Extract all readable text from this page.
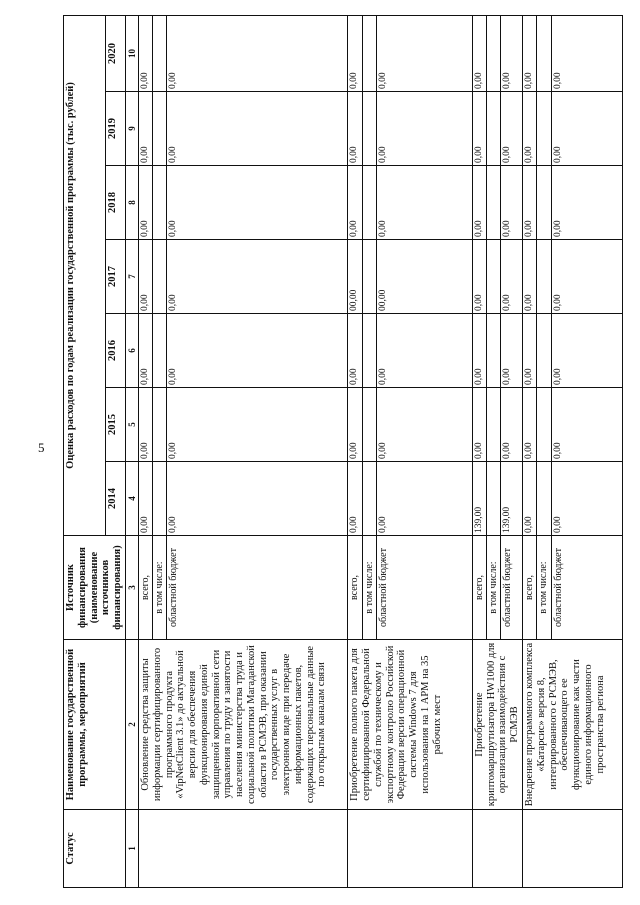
5
Статус	Наименование государственной программы, мероприятий	Источник финансирования (наименование источников финансирования)	Оценка расходов по годам реализации государственной программы (тыс. рублей)						
			2014	2015	2016	2017	2018	2019	2020
1	2	3	4	5	6	7	8	9	10
	Обновление средства защиты информации сертифицированного программного продукта «VipNetClient 3.1» до актуальной версии для обеспечения функционирования единой защищенной корпоративной сети управления по труду и занятости населения министерства труда и социальной политики Магаданской области в РСМЭВ, при оказании государственных услуг в электронном виде при передаче информационных пакетов, содержащих персональные данные по открытым каналам связи	всего,	0,00	0,00	0,00	0,00	0,00	0,00	0,00
		в том числе:							
		областной бюджет	0,00	0,00	0,00	0,00	0,00	0,00	0,00
	Приобретение полного пакета для сертифицированной Федеральной службой по техническому и экспортному контролю Российской Федерации версии операционной системы Windows 7 для использования на 1 АРМ на 35 рабочих мест	всего,	0,00	0,00	0,00	00,00	0,00	0,00	0,00
		в том числе:							
		областной бюджет	0,00	0,00	0,00	00,00	0,00	0,00	0,00
	Приобретение криптомаршрутизатора HW1000 для организации взаимодействия с РСМЭВ	всего,	139,00	0,00	0,00	0,00	0,00	0,00	0,00
		в том числе:							
		областной бюджет	139,00	0,00	0,00	0,00	0,00	0,00	0,00
	Внедрение программного комплекса «Катарсис» версия 8, интегрированного с РСМЭВ, обеспечивающего ее функционирование как части единого информационного пространства региона	всего,	0,00	0,00	0,00	0,00	0,00	0,00	0,00
		в том числе:							
		областной бюджет	0,00	0,00	0,00	0,00	0,00	0,00	0,00
